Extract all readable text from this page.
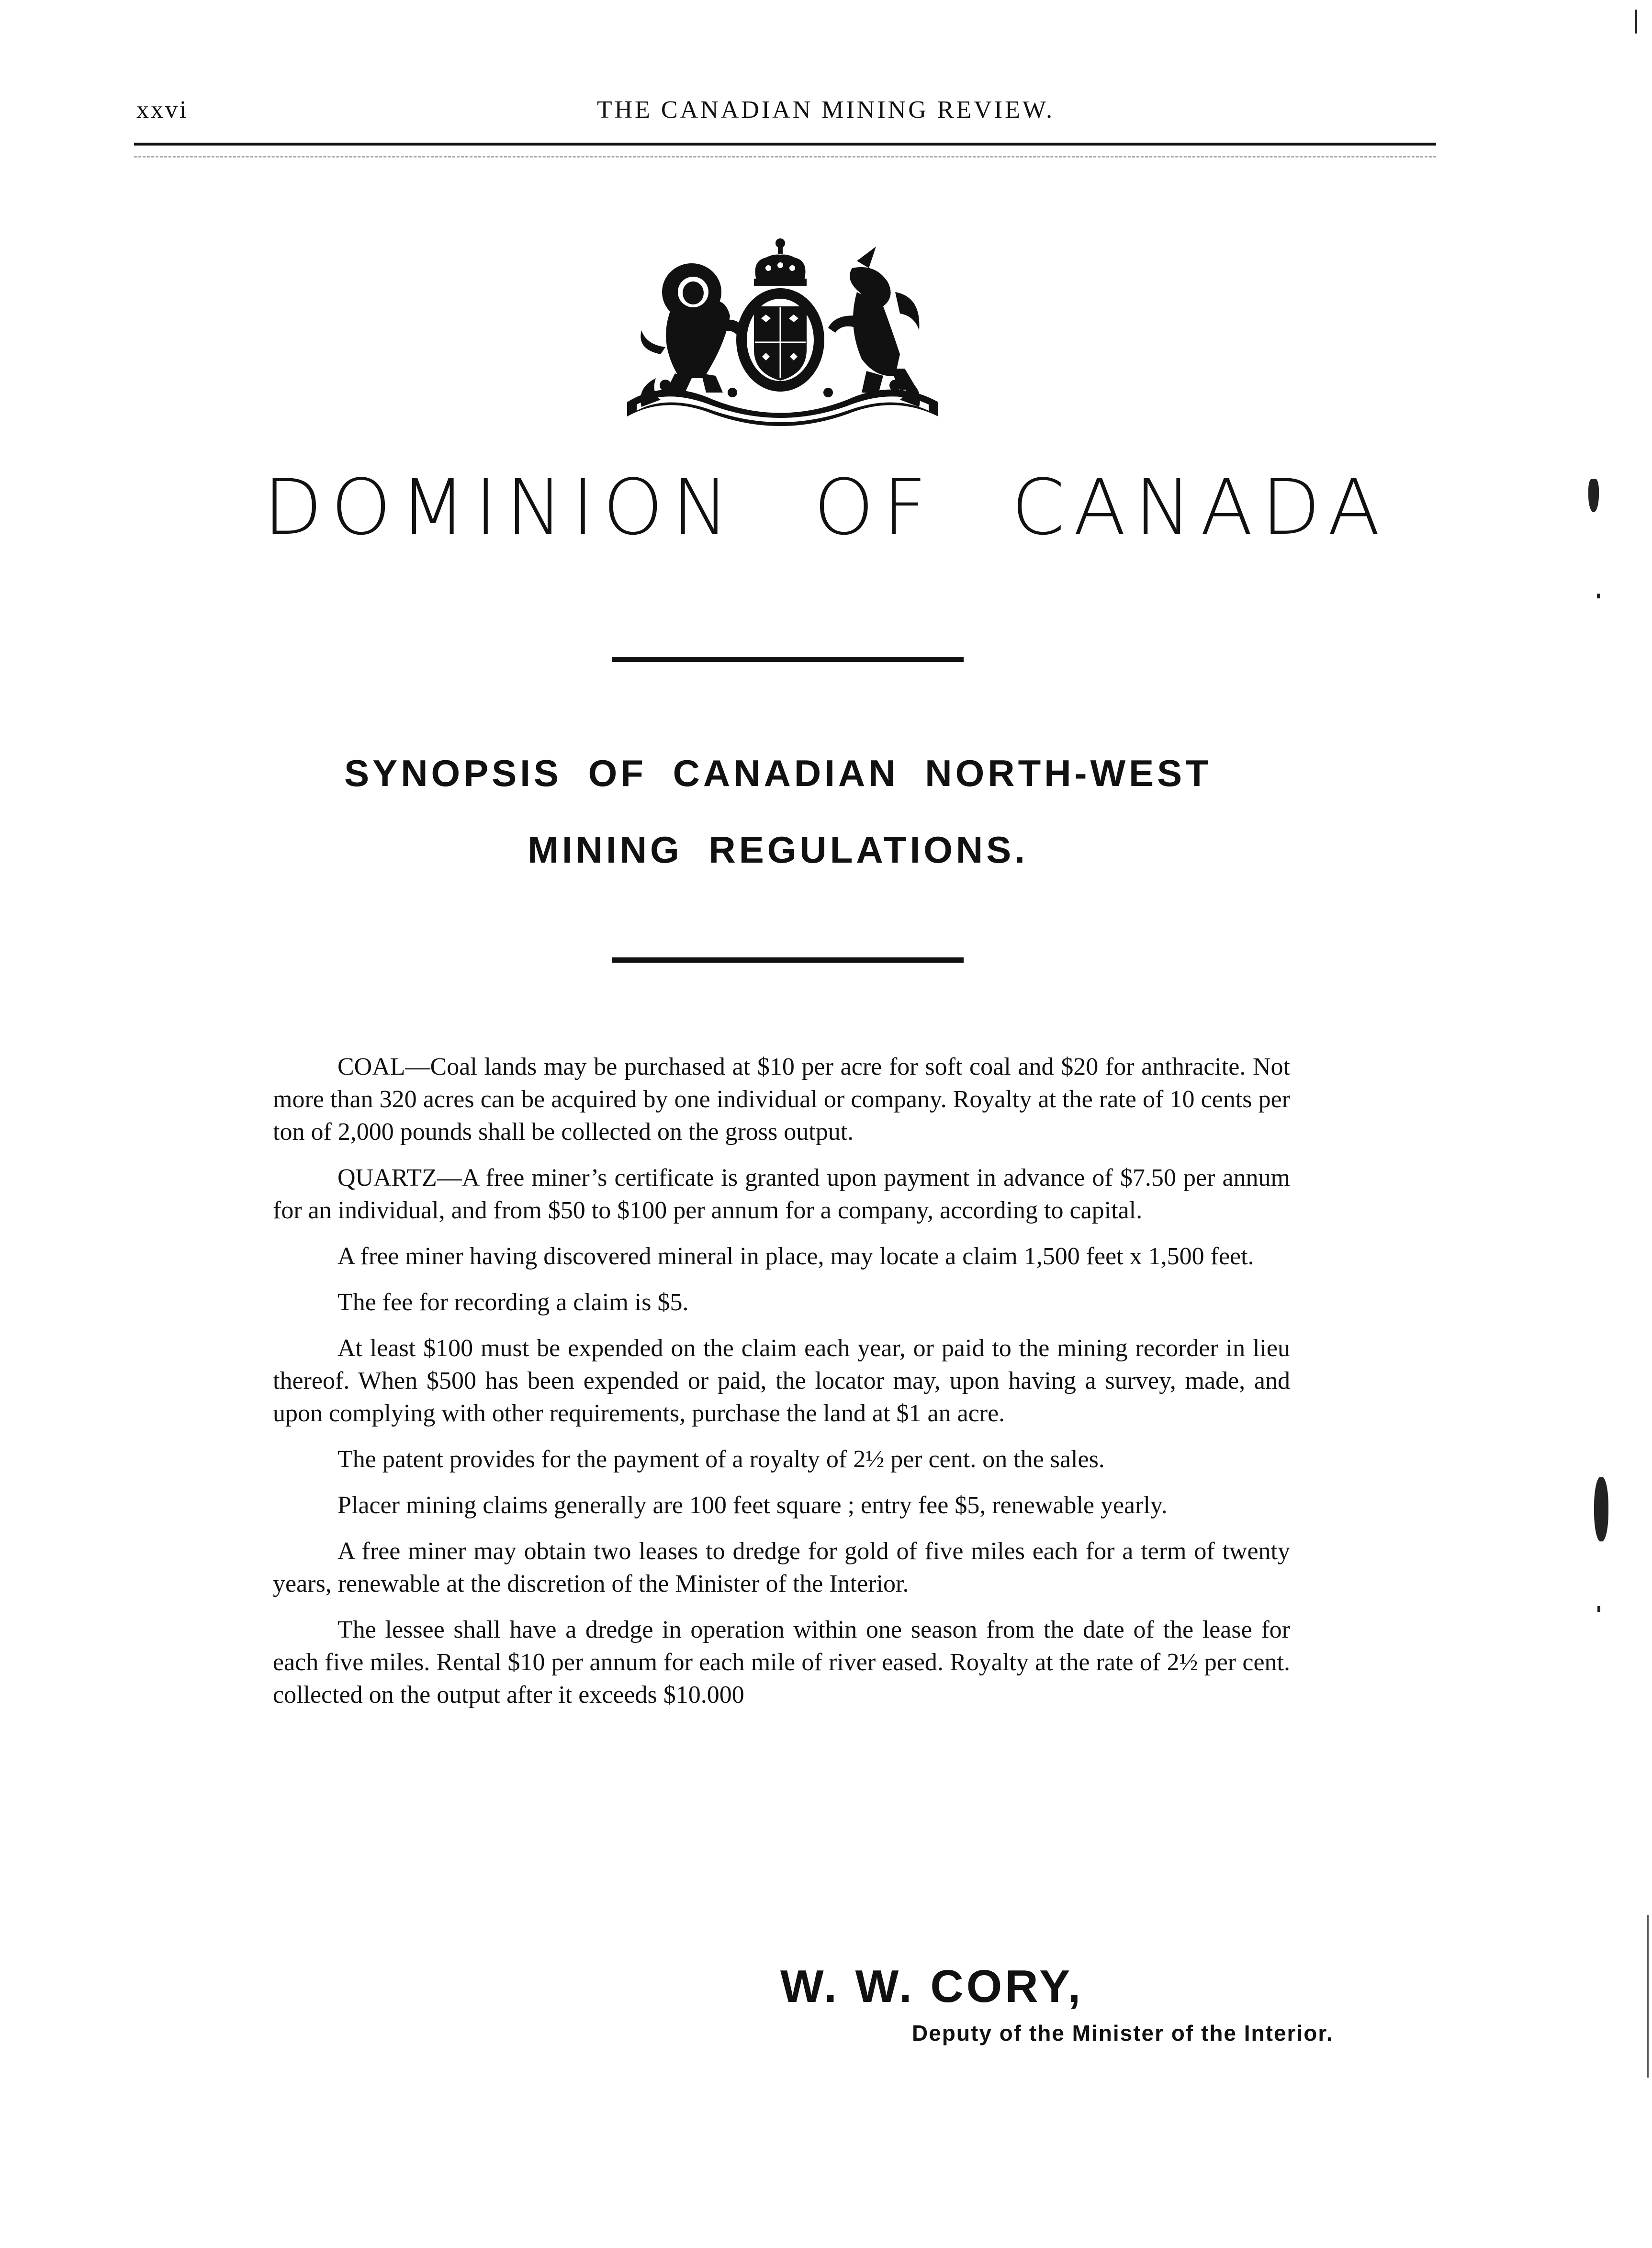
xxvi	THE CANADIAN MINING REVIEW.
DOMINION OF CANADA
SYNOPSIS OF CANADIAN NORTH-WEST
MINING REGULATIONS.

COAL—Coal lands may be purchased at $10 per acre for soft coal and $20 for anthracite. Not more than 320 acres can be acquired by one individual or company. Royalty at the rate of 10 cents per ton of 2,000 pounds shall be collected on the gross output.

QUARTZ—A free miner’s certificate is granted upon payment in advance of $7.50 per annum for an individual, and from $50 to $100 per annum for a company, according to capital.

A free miner having discovered mineral in place, may locate a claim 1,500 feet x 1,500 feet.

The fee for recording a claim is $5.

At least $100 must be expended on the claim each year, or paid to the mining recorder in lieu thereof. When $500 has been expended or paid, the locator may, upon having a survey, made, and upon complying with other requirements, purchase the land at $1 an acre.

The patent provides for the payment of a royalty of 2½ per cent. on the sales.

Placer mining claims generally are 100 feet square ; entry fee $5, renewable yearly.

A free miner may obtain two leases to dredge for gold of five miles each for a term of twenty years, renewable at the discretion of the Minister of the Interior.

The lessee shall have a dredge in operation within one season from the date of the lease for each five miles. Rental $10 per annum for each mile of river eased. Royalty at the rate of 2½ per cent. collected on the output after it exceeds $10.000

W. W. CORY,
Deputy of the Minister of the Interior.
